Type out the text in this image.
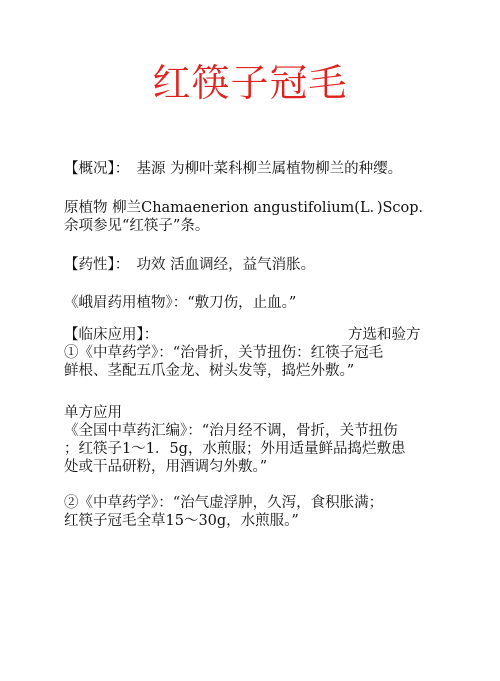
红筷子冠毛
【概况】：　基源 为柳叶菜科柳兰属植物柳兰的种缨。
原植物 柳兰Chamaenerion angustifolium(L．)Scop．
余项参见“红筷子”条。
【药性】：　功效 活血调经，益气消胀。
《峨眉药用植物》：“敷刀伤，止血。”
【临床应用】：	方选和验方
①《中草药学》：“治骨折，关节扭伤：红筷子冠毛
鲜根、茎配五爪金龙、树头发等，捣烂外敷。”
单方应用
《全国中草药汇编》：“治月经不调，骨折，关节扭伤
；红筷子1～1．5g，水煎服；外用适量鲜品捣烂敷患
处或干品研粉，用酒调匀外敷。”
②《中草药学》：“治气虚浮肿，久泻，食积胀满；
红筷子冠毛全草15～30g，水煎服。”
